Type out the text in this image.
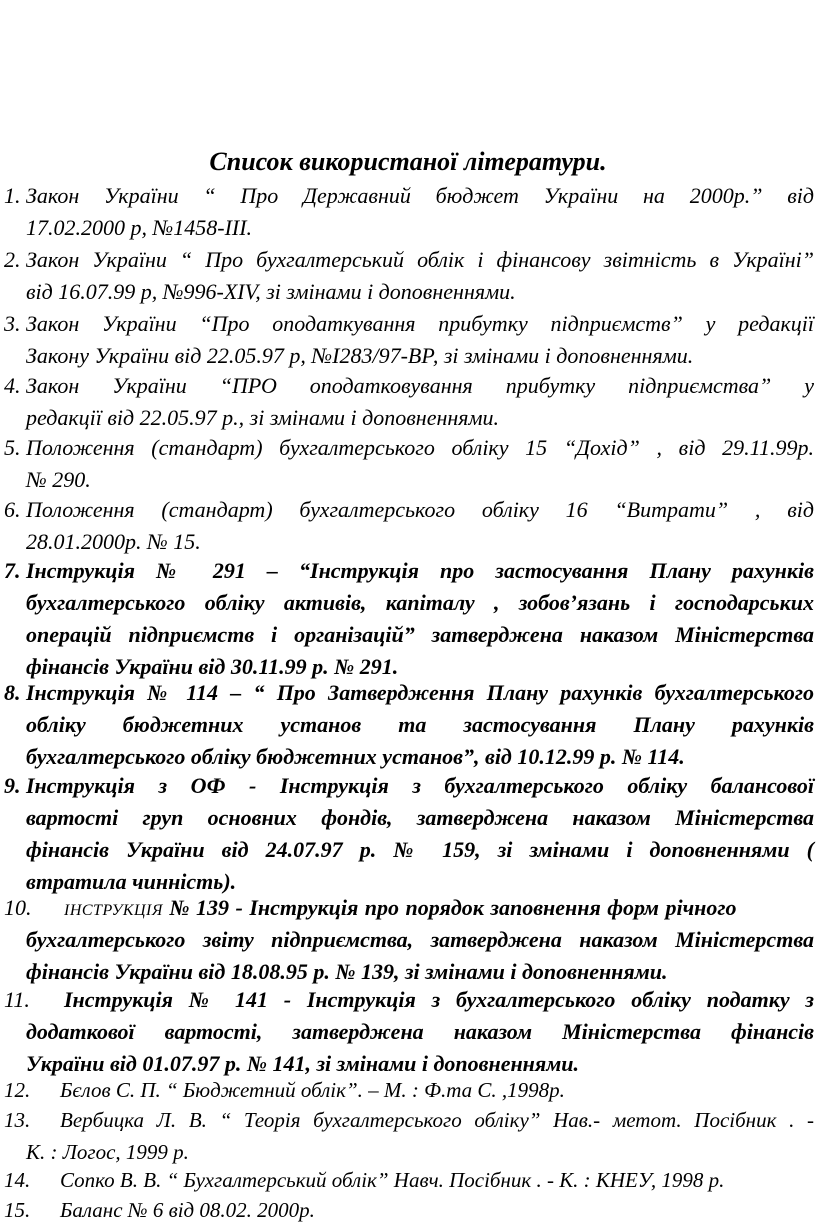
Список використаної літератури.
1. Закон України “ Про Державний бюджет України на 2000р.” від
17.02.2000 р, №1458-ІІІ.
2. Закон України “ Про бухгалтерський облік і фінансову звітність в Україні”
від 16.07.99 р, №996-ХІV, зі змінами і доповненнями.
3. Закон України “Про оподаткування прибутку підприємств” у редакції
Закону України від 22.05.97 р, №І283/97-ВР, зі змінами і доповненнями.
4. Закон України “ПРО оподатковування прибутку підприємства” у
редакції від 22.05.97 р., зі змінами і доповненнями.
5. Положення (стандарт) бухгалтерського обліку 15 “Дохід” , від 29.11.99р.
№ 290.
6. Положення (стандарт) бухгалтерського обліку 16 “Витрати” , від
28.01.2000р. № 15.
7. Інструкція № 291 – “Інструкція про застосування Плану рахунків
бухгалтерського обліку активів, капіталу , зобов’язань і господарських
операцій підприємств і організацій” затверджена наказом Міністерства
фінансів України від 30.11.99 р. № 291.
8. Інструкція № 114 – “ Про Затвердження Плану рахунків бухгалтерського
обліку бюджетних установ та застосування Плану рахунків
бухгалтерського обліку бюджетних установ”, від 10.12.99 р. № 114.
9. Інструкція з ОФ - Інструкція з бухгалтерського обліку балансової
вартості груп основних фондів, затверджена наказом Міністерства
фінансів України від 24.07.97 р. № 159, зі змінами і доповненнями (
втратила чинність).
10. ІНСТРУКЦІЯ № 139 - Інструкція про порядок заповнення форм річного
бухгалтерського звіту підприємства, затверджена наказом Міністерства
фінансів України від 18.08.95 р. № 139, зі змінами і доповненнями.
11. Інструкція № 141 - Інструкція з бухгалтерського обліку податку з
додаткової вартості, затверджена наказом Міністерства фінансів
України від 01.07.97 р. № 141, зі змінами і доповненнями.
12. Бєлов С. П. “ Бюджетний облік”. – М. : Ф.та С. ,1998р.
13. Вербицка Л. В. “ Теорія бухгалтерського обліку” Нав.- метот. Посібник . -
К. : Логос, 1999 р.
14. Сопко В. В. “ Бухгалтерський облік” Навч. Посібник . - К. : КНЕУ, 1998 р.
15. Баланс № 6 від 08.02. 2000р.
